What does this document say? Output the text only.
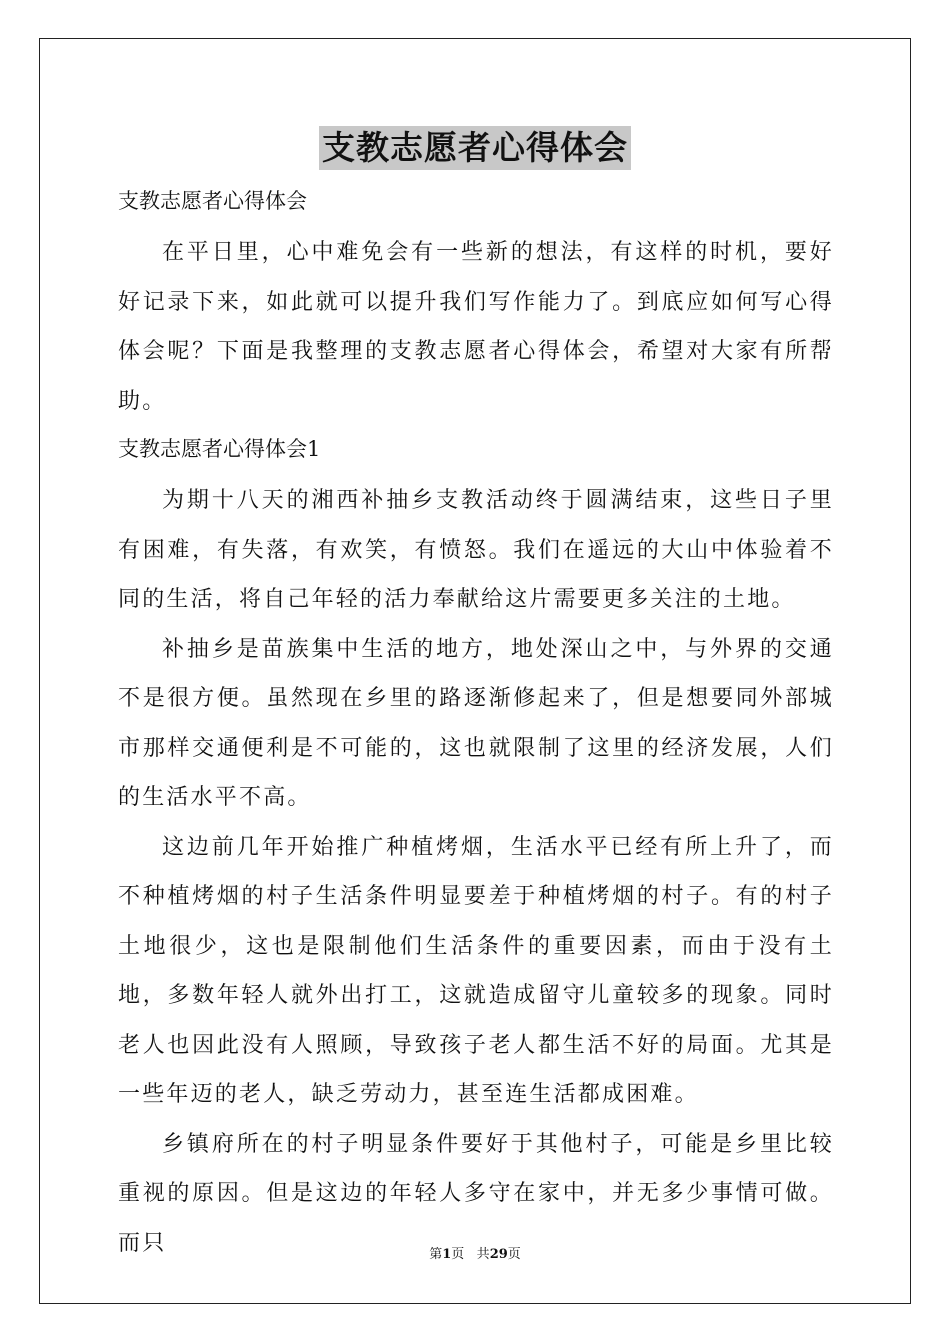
支教志愿者心得体会

支教志愿者心得体会

在平日里，心中难免会有一些新的想法，有这样的时机，要好好记录下来，如此就可以提升我们写作能力了。到底应如何写心得体会呢？下面是我整理的支教志愿者心得体会，希望对大家有所帮助。

支教志愿者心得体会1

为期十八天的湘西补抽乡支教活动终于圆满结束，这些日子里有困难，有失落，有欢笑，有愤怒。我们在遥远的大山中体验着不同的生活，将自己年轻的活力奉献给这片需要更多关注的土地。

补抽乡是苗族集中生活的地方，地处深山之中，与外界的交通不是很方便。虽然现在乡里的路逐渐修起来了，但是想要同外部城市那样交通便利是不可能的，这也就限制了这里的经济发展，人们的生活水平不高。

这边前几年开始推广种植烤烟，生活水平已经有所上升了，而不种植烤烟的村子生活条件明显要差于种植烤烟的村子。有的村子土地很少，这也是限制他们生活条件的重要因素，而由于没有土地，多数年轻人就外出打工，这就造成留守儿童较多的现象。同时老人也因此没有人照顾，导致孩子老人都生活不好的局面。尤其是一些年迈的老人，缺乏劳动力，甚至连生活都成困难。

乡镇府所在的村子明显条件要好于其他村子，可能是乡里比较重视的原因。但是这边的年轻人多守在家中，并无多少事情可做。而只	第1页 共29页
